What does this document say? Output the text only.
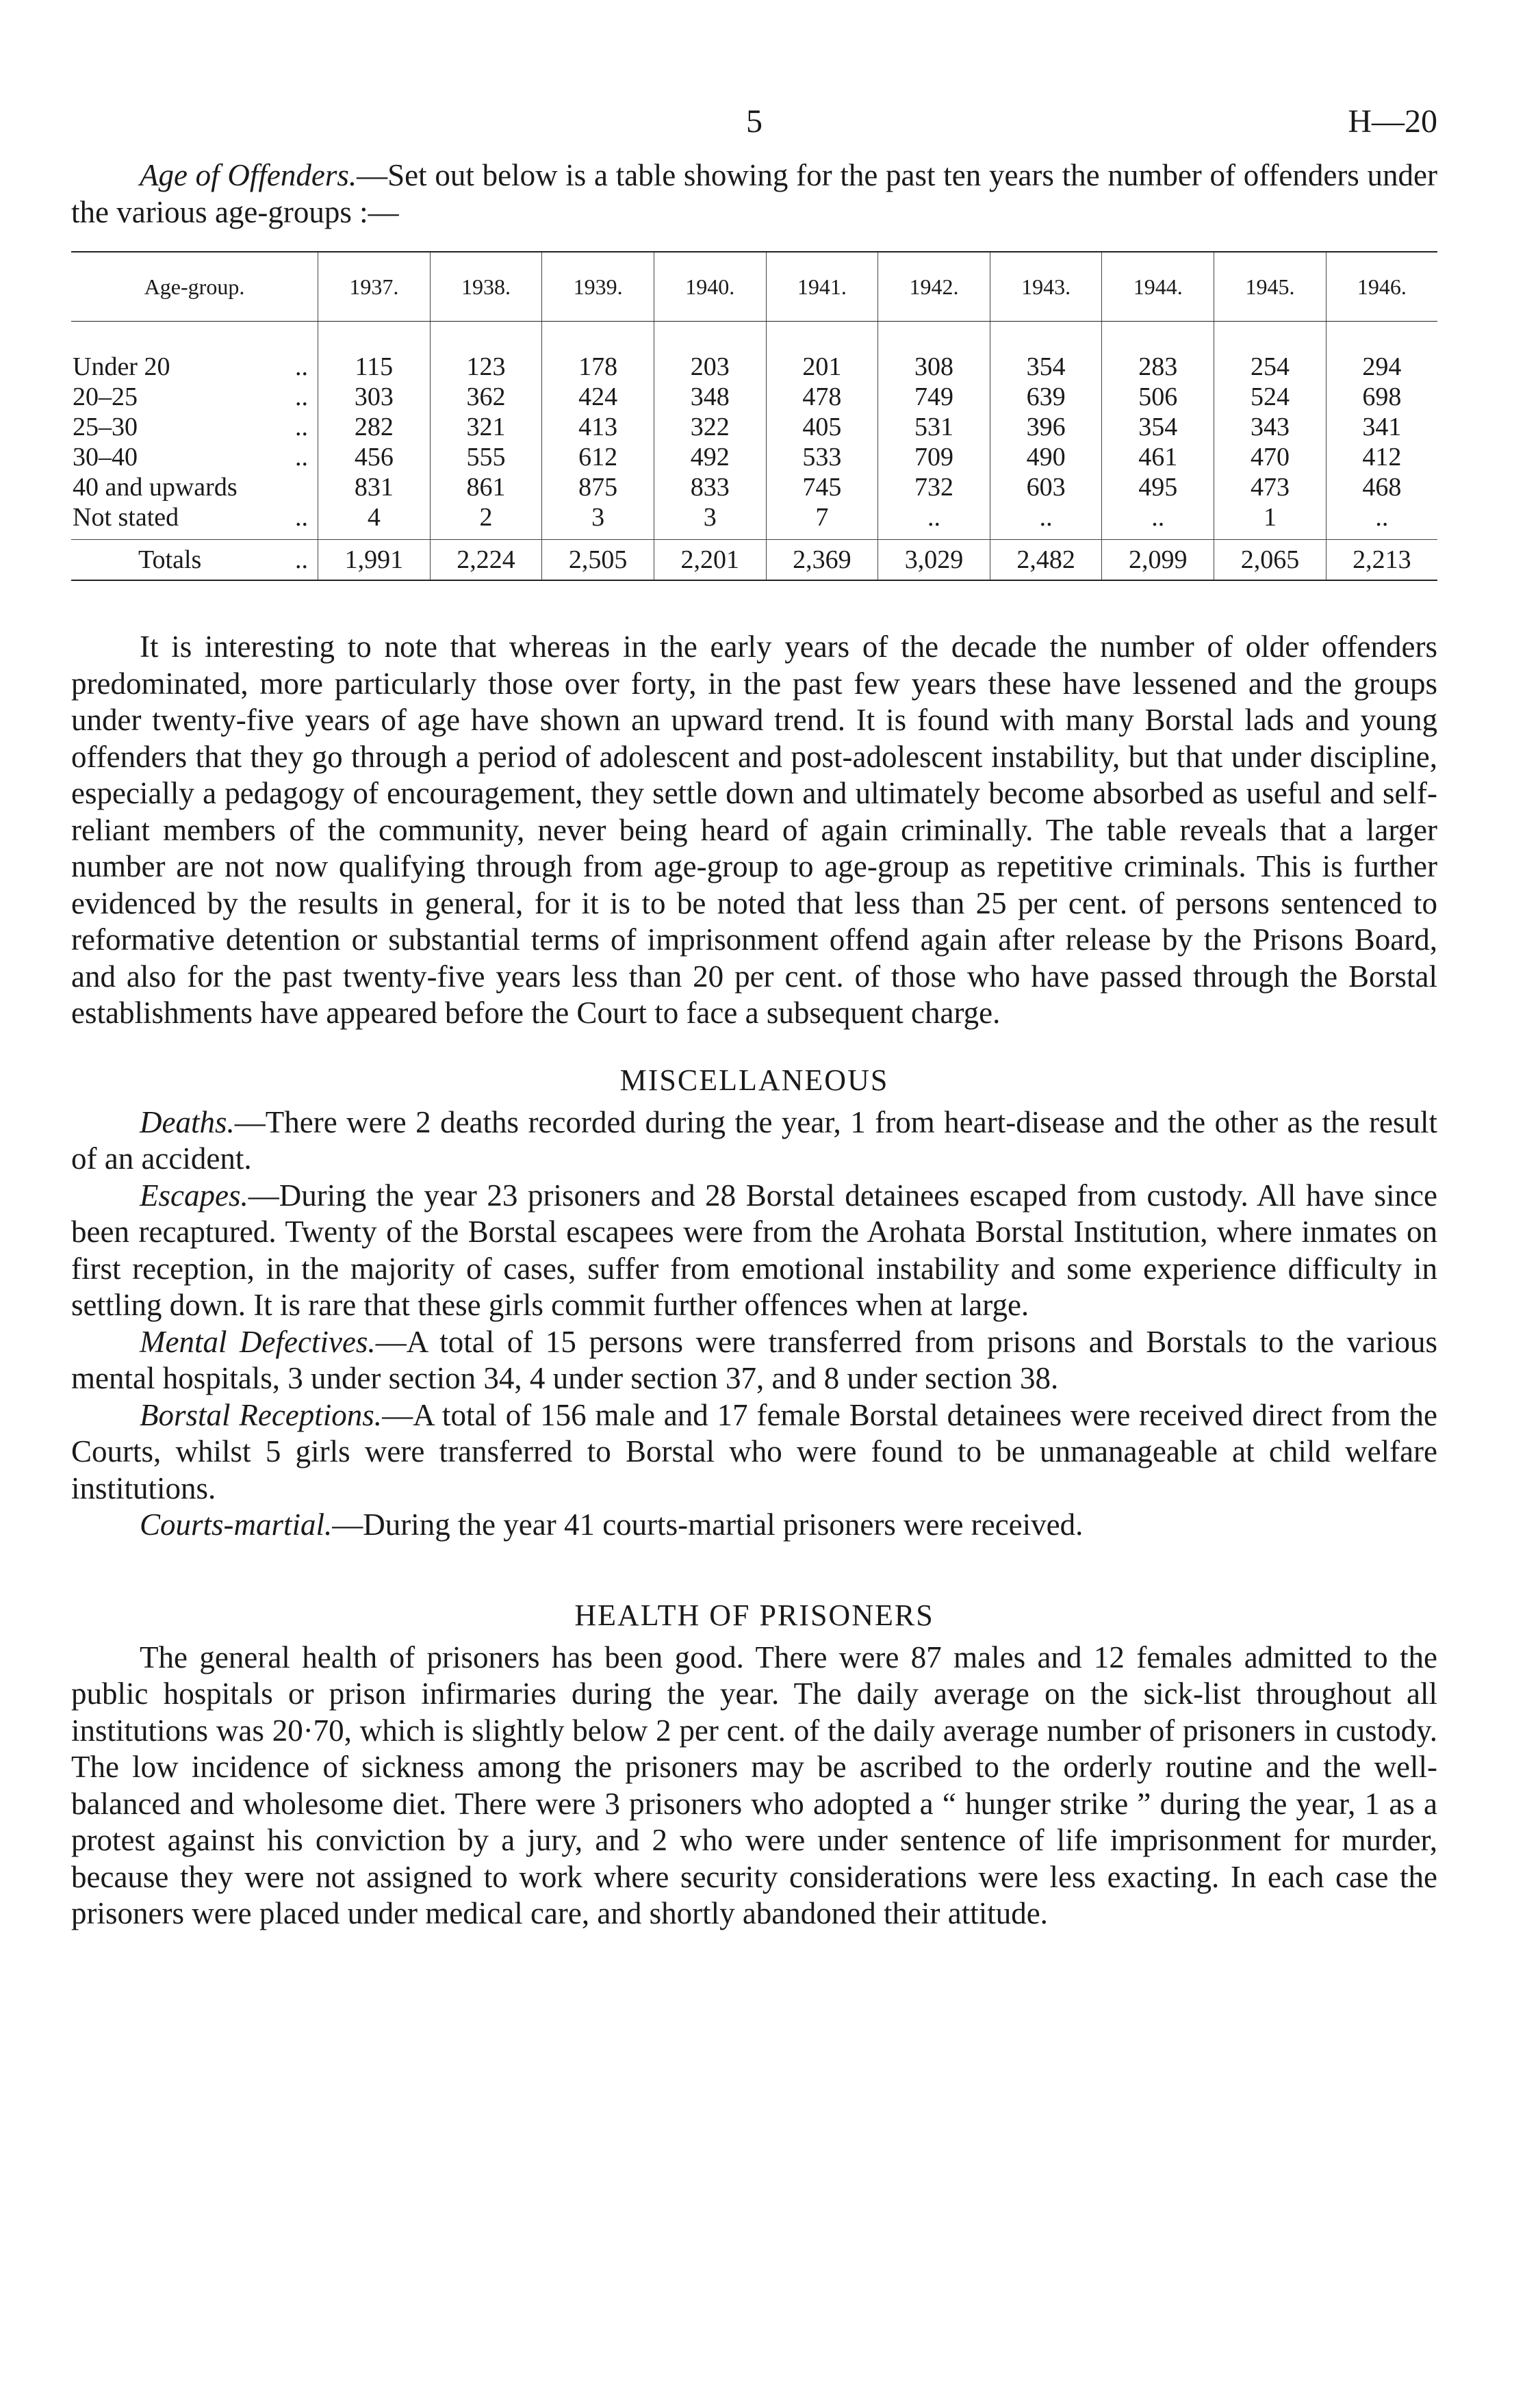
5	H—20

Age of Offenders.—Set out below is a table showing for the past ten years the number of offenders under the various age-groups :—

Age-group.	1937.	1938.	1939.	1940.	1941.	1942.	1943.	1944.	1945.	1946.
Under 20 ..	115	123	178	203	201	308	354	283	254	294
20–25 ..	303	362	424	348	478	749	639	506	524	698
25–30 ..	282	321	413	322	405	531	396	354	343	341
30–40 ..	456	555	612	492	533	709	490	461	470	412
40 and upwards	831	861	875	833	745	732	603	495	473	468
Not stated ..	4	2	3	3	7	..	..	..	1	..

Totals ..	1,991	2,224	2,505	2,201	2,369	3,029	2,482	2,099	2,065	2,213

It is interesting to note that whereas in the early years of the decade the number of older offenders predominated, more particularly those over forty, in the past few years these have lessened and the groups under twenty-five years of age have shown an upward trend. It is found with many Borstal lads and young offenders that they go through a period of adolescent and post-adolescent instability, but that under discipline, especially a pedagogy of encouragement, they settle down and ultimately become absorbed as useful and self-reliant members of the community, never being heard of again criminally. The table reveals that a larger number are not now qualifying through from age-group to age-group as repetitive criminals. This is further evidenced by the results in general, for it is to be noted that less than 25 per cent. of persons sentenced to reformative detention or substantial terms of imprisonment offend again after release by the Prisons Board, and also for the past twenty-five years less than 20 per cent. of those who have passed through the Borstal establishments have appeared before the Court to face a subsequent charge.

MISCELLANEOUS

Deaths.—There were 2 deaths recorded during the year, 1 from heart-disease and the other as the result of an accident.

Escapes.—During the year 23 prisoners and 28 Borstal detainees escaped from custody. All have since been recaptured. Twenty of the Borstal escapees were from the Arohata Borstal Institution, where inmates on first reception, in the majority of cases, suffer from emotional instability and some experience difficulty in settling down. It is rare that these girls commit further offences when at large.

Mental Defectives.—A total of 15 persons were transferred from prisons and Borstals to the various mental hospitals, 3 under section 34, 4 under section 37, and 8 under section 38.

Borstal Receptions.—A total of 156 male and 17 female Borstal detainees were received direct from the Courts, whilst 5 girls were transferred to Borstal who were found to be unmanageable at child welfare institutions.

Courts-martial.—During the year 41 courts-martial prisoners were received.

HEALTH OF PRISONERS

The general health of prisoners has been good. There were 87 males and 12 females admitted to the public hospitals or prison infirmaries during the year. The daily average on the sick-list throughout all institutions was 20·70, which is slightly below 2 per cent. of the daily average number of prisoners in custody. The low incidence of sickness among the prisoners may be ascribed to the orderly routine and the well-balanced and wholesome diet. There were 3 prisoners who adopted a “ hunger strike ” during the year, 1 as a protest against his conviction by a jury, and 2 who were under sentence of life imprisonment for murder, because they were not assigned to work where security considerations were less exacting. In each case the prisoners were placed under medical care, and shortly abandoned their attitude.
